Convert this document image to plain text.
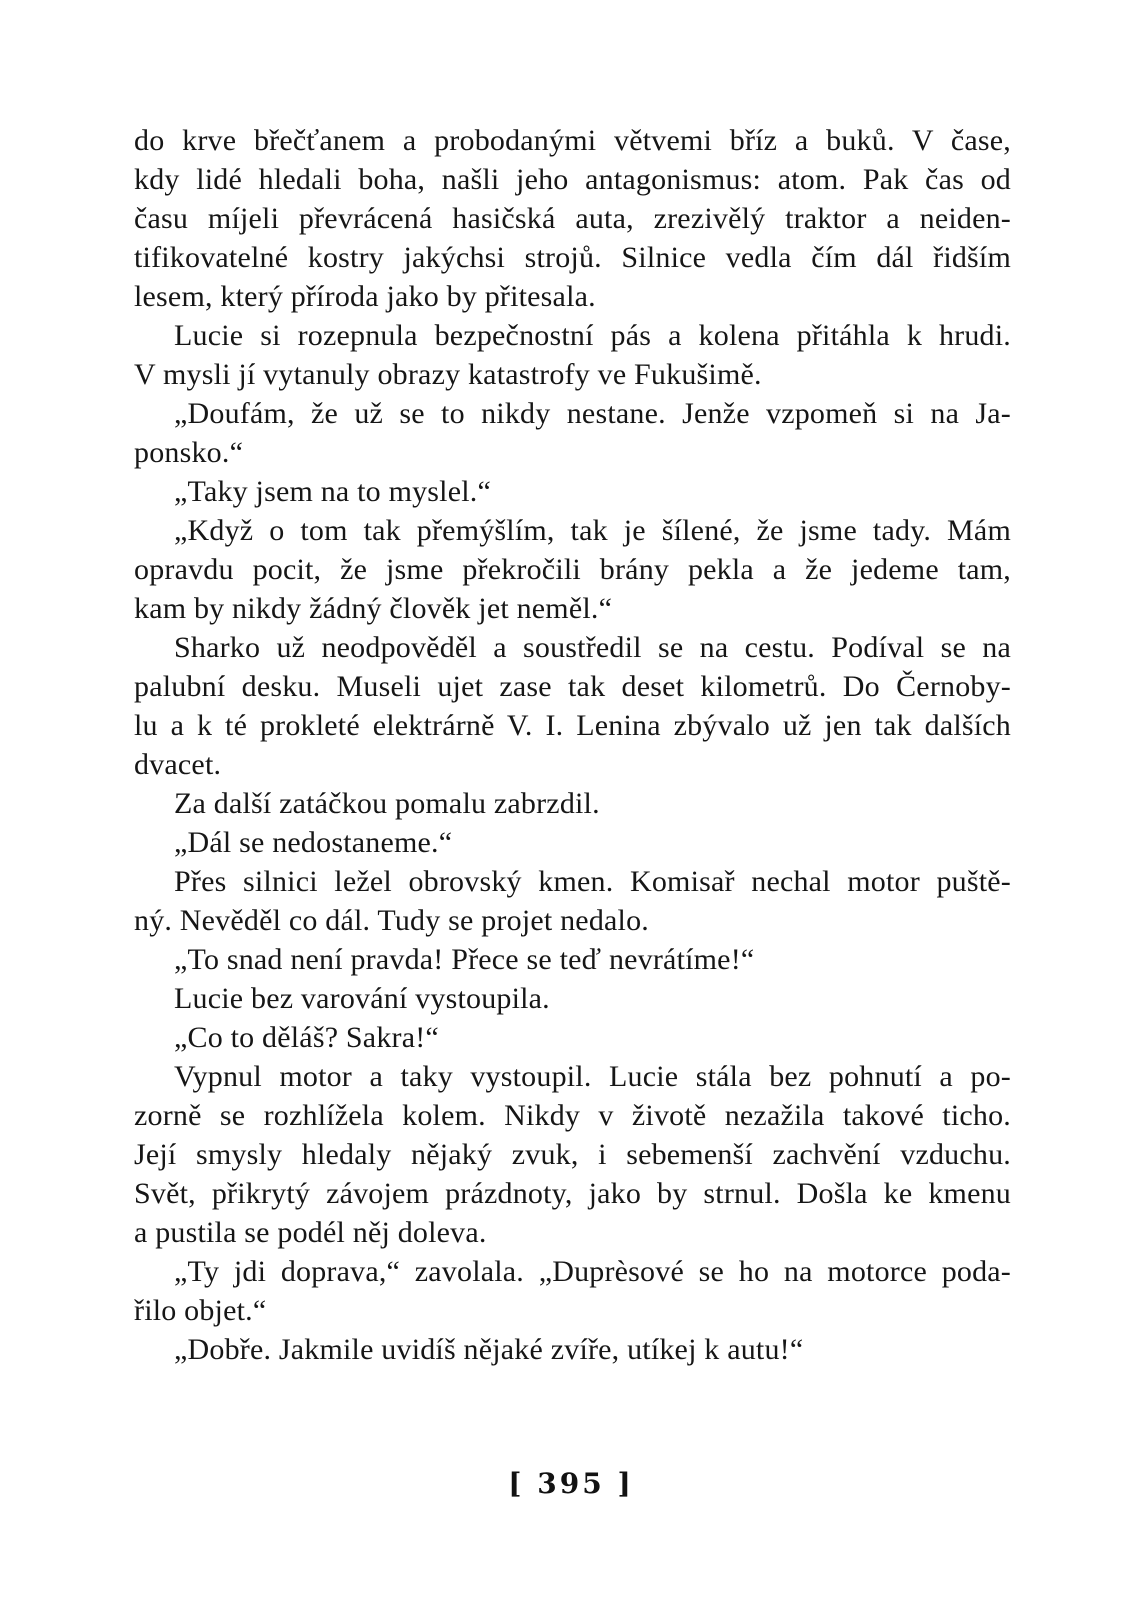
do krve břečťanem a probodanými větvemi bříz a buků. V čase,
kdy lidé hledali boha, našli jeho antagonismus: atom. Pak čas od
času míjeli převrácená hasičská auta, zrezivělý traktor a neiden-
tifikovatelné kostry jakýchsi strojů. Silnice vedla čím dál řidším
lesem, který příroda jako by přitesala.

Lucie si rozepnula bezpečnostní pás a kolena přitáhla k hrudi.
V mysli jí vytanuly obrazy katastrofy ve Fukušimě.

„Doufám, že už se to nikdy nestane. Jenže vzpomeň si na Ja-
ponsko.“

„Taky jsem na to myslel.“

„Když o tom tak přemýšlím, tak je šílené, že jsme tady. Mám
opravdu pocit, že jsme překročili brány pekla a že jedeme tam,
kam by nikdy žádný člověk jet neměl.“

Sharko už neodpověděl a soustředil se na cestu. Podíval se na
palubní desku. Museli ujet zase tak deset kilometrů. Do Černoby-
lu a k té prokleté elektrárně V. I. Lenina zbývalo už jen tak dalších
dvacet.

Za další zatáčkou pomalu zabrzdil.

„Dál se nedostaneme.“

Přes silnici ležel obrovský kmen. Komisař nechal motor puště-
ný. Nevěděl co dál. Tudy se projet nedalo.

„To snad není pravda! Přece se teď nevrátíme!“

Lucie bez varování vystoupila.

„Co to děláš? Sakra!“

Vypnul motor a taky vystoupil. Lucie stála bez pohnutí a po-
zorně se rozhlížela kolem. Nikdy v životě nezažila takové ticho.
Její smysly hledaly nějaký zvuk, i sebemenší zachvění vzduchu.
Svět, přikrytý závojem prázdnoty, jako by strnul. Došla ke kmenu
a pustila se podél něj doleva.

„Ty jdi doprava,“ zavolala. „Duprèsové se ho na motorce poda-
řilo objet.“

„Dobře. Jakmile uvidíš nějaké zvíře, utíkej k autu!“

[ 395 ]
